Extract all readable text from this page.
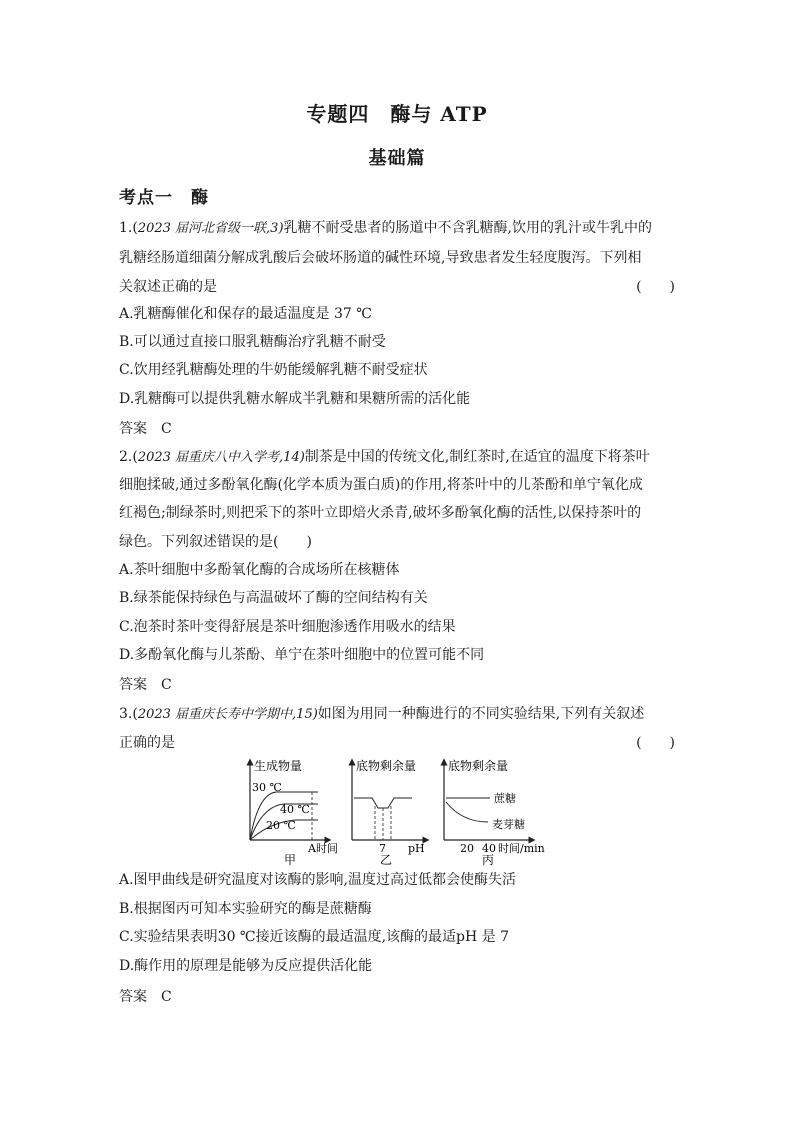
专题四　酶与 ATP
基础篇
考点一　酶
1.(2023 届河北省级一联,3)乳糖不耐受患者的肠道中不含乳糖酶,饮用的乳汁或牛乳中的
乳糖经肠道细菌分解成乳酸后会破坏肠道的碱性环境,导致患者发生轻度腹泻。下列相
关叙述正确的是	(　　)
A.乳糖酶催化和保存的最适温度是 37 ℃
B.可以通过直接口服乳糖酶治疗乳糖不耐受
C.饮用经乳糖酶处理的牛奶能缓解乳糖不耐受症状
D.乳糖酶可以提供乳糖水解成半乳糖和果糖所需的活化能
答案　C
2.(2023 届重庆八中入学考,14)制茶是中国的传统文化,制红茶时,在适宜的温度下将茶叶
细胞揉破,通过多酚氧化酶(化学本质为蛋白质)的作用,将茶叶中的儿茶酚和单宁氧化成
红褐色;制绿茶时,则把采下的茶叶立即焙火杀青,破坏多酚氧化酶的活性,以保持茶叶的
绿色。下列叙述错误的是(　　)
A.茶叶细胞中多酚氧化酶的合成场所在核糖体
B.绿茶能保持绿色与高温破坏了酶的空间结构有关
C.泡茶时茶叶变得舒展是茶叶细胞渗透作用吸水的结果
D.多酚氧化酶与儿茶酚、单宁在茶叶细胞中的位置可能不同
答案　C
3.(2023 届重庆长寿中学期中,15)如图为用同一种酶进行的不同实验结果,下列有关叙述
正确的是	(　　)
生成物量
30 ℃
40 ℃
20 ℃
A 时间
甲
底物剩余量
7 pH
乙
底物剩余量
蔗糖
麦芽糖
20 40 时间/min
丙
A.图甲曲线是研究温度对该酶的影响,温度过高过低都会使酶失活
B.根据图丙可知本实验研究的酶是蔗糖酶
C.实验结果表明30 ℃接近该酶的最适温度,该酶的最适pH 是 7
D.酶作用的原理是能够为反应提供活化能
答案　C
